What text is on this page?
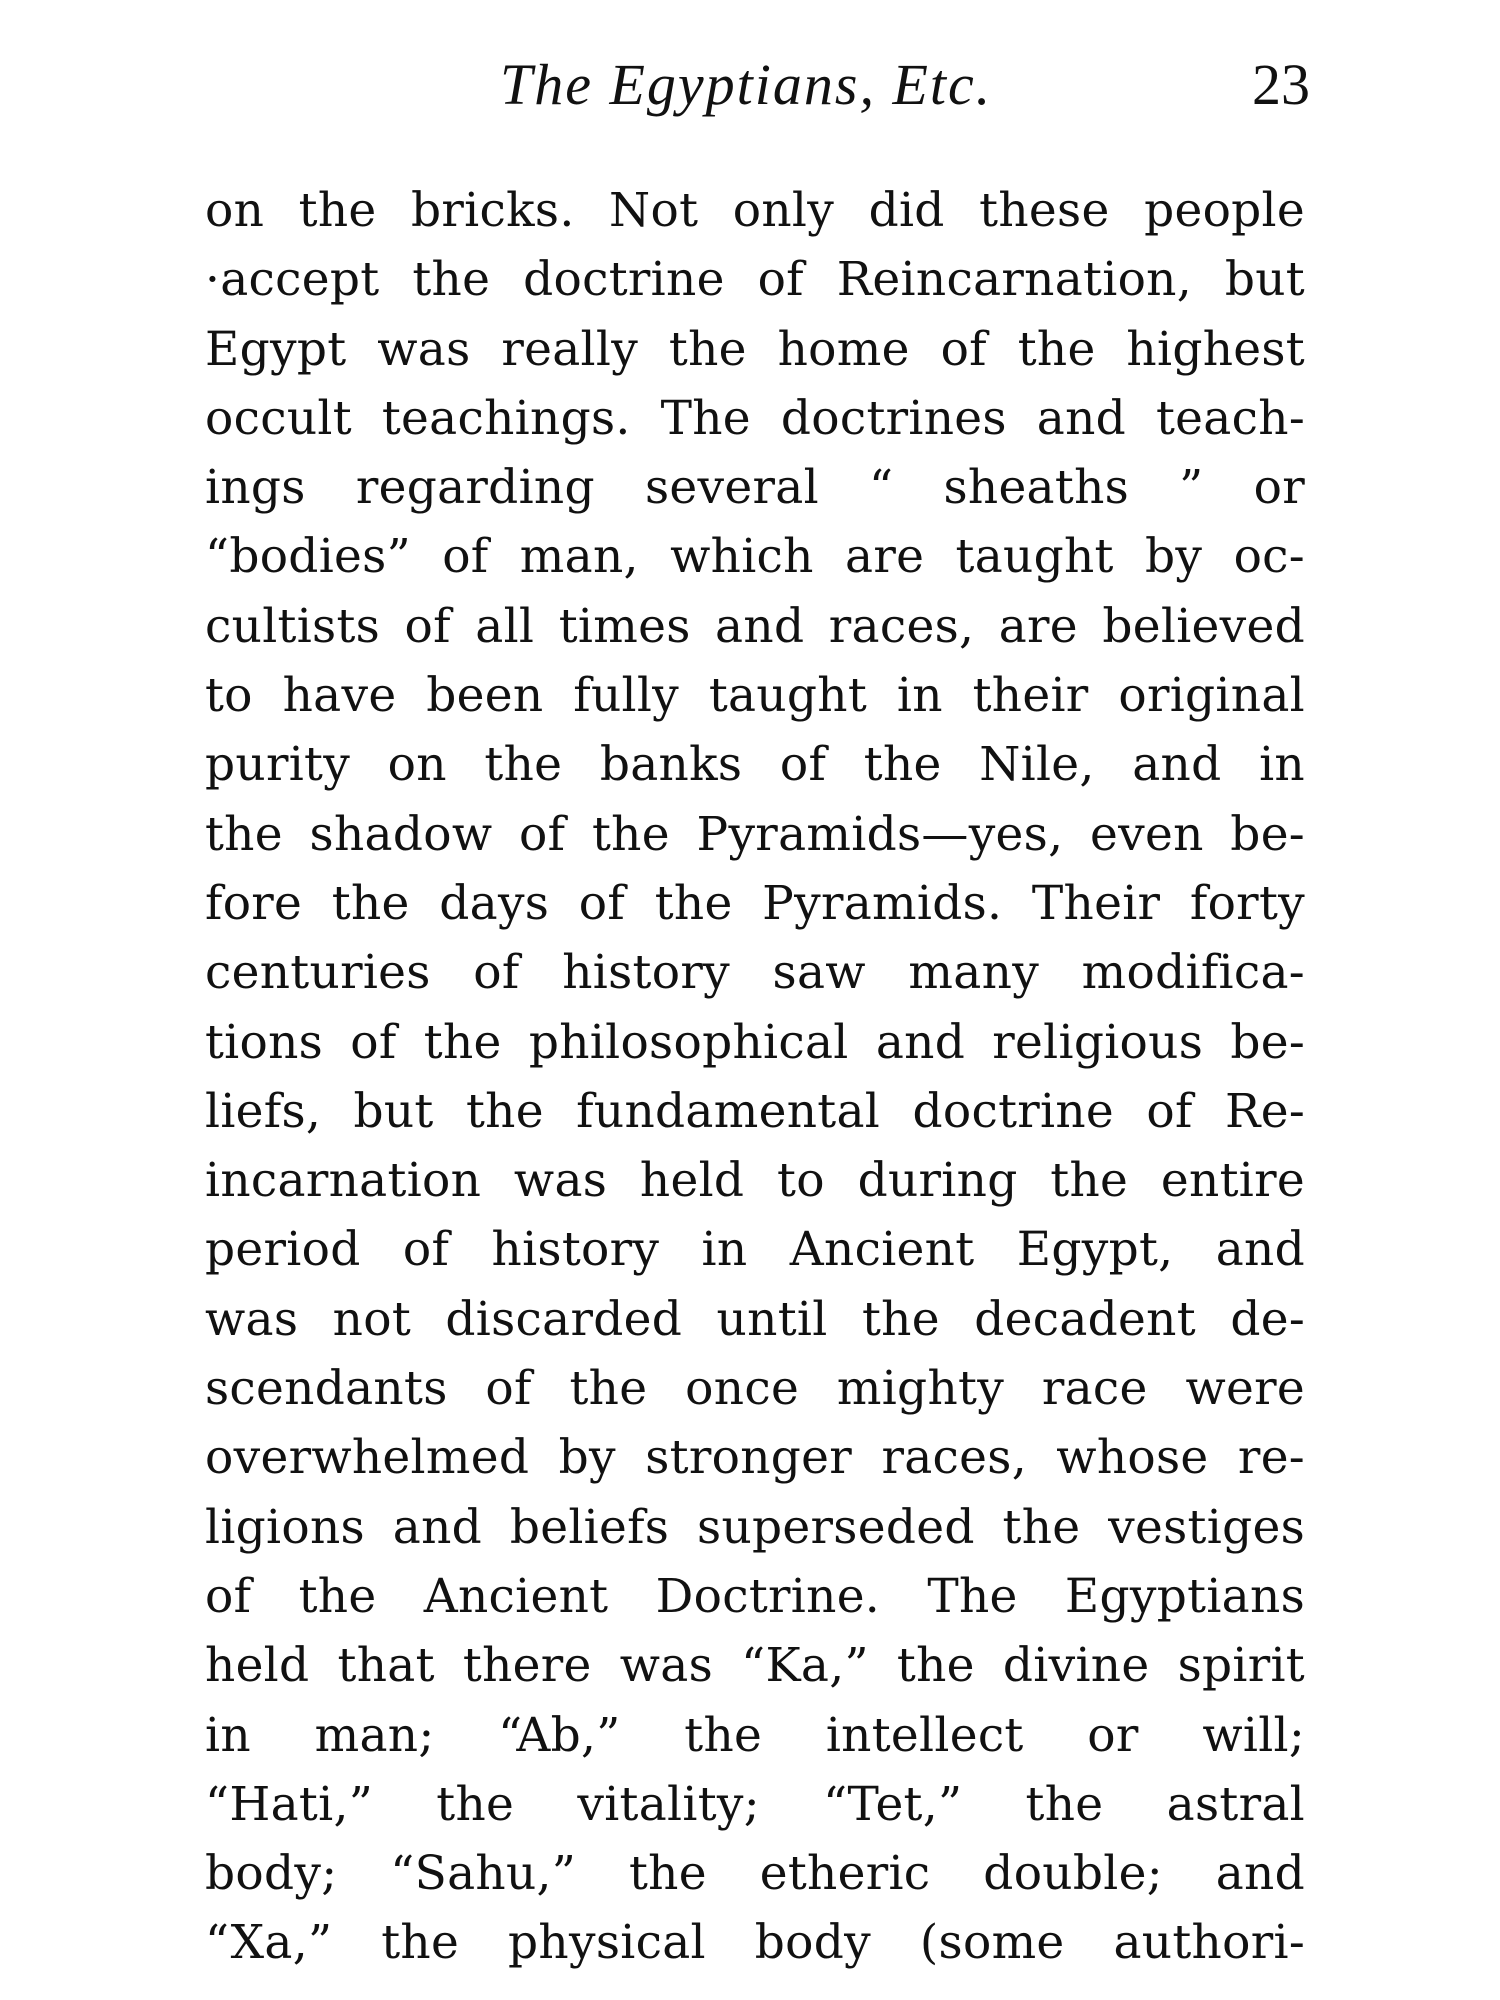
The Egyptians, Etc.	23
on the bricks. Not only did these people
·accept the doctrine of Reincarnation, but
Egypt was really the home of the highest
occult teachings. The doctrines and teach-
ings regarding several “ sheaths ” or
“bodies” of man, which are taught by oc-
cultists of all times and races, are believed
to have been fully taught in their original
purity on the banks of the Nile, and in
the shadow of the Pyramids—yes, even be-
fore the days of the Pyramids. Their forty
centuries of history saw many modifica-
tions of the philosophical and religious be-
liefs, but the fundamental doctrine of Re-
incarnation was held to during the entire
period of history in Ancient Egypt, and
was not discarded until the decadent de-
scendants of the once mighty race were
overwhelmed by stronger races, whose re-
ligions and beliefs superseded the vestiges
of the Ancient Doctrine. The Egyptians
held that there was “Ka,” the divine spirit
in man; “Ab,” the intellect or will;
“Hati,” the vitality; “Tet,” the astral
body; “Sahu,” the etheric double; and
“Xa,” the physical body (some authori-
